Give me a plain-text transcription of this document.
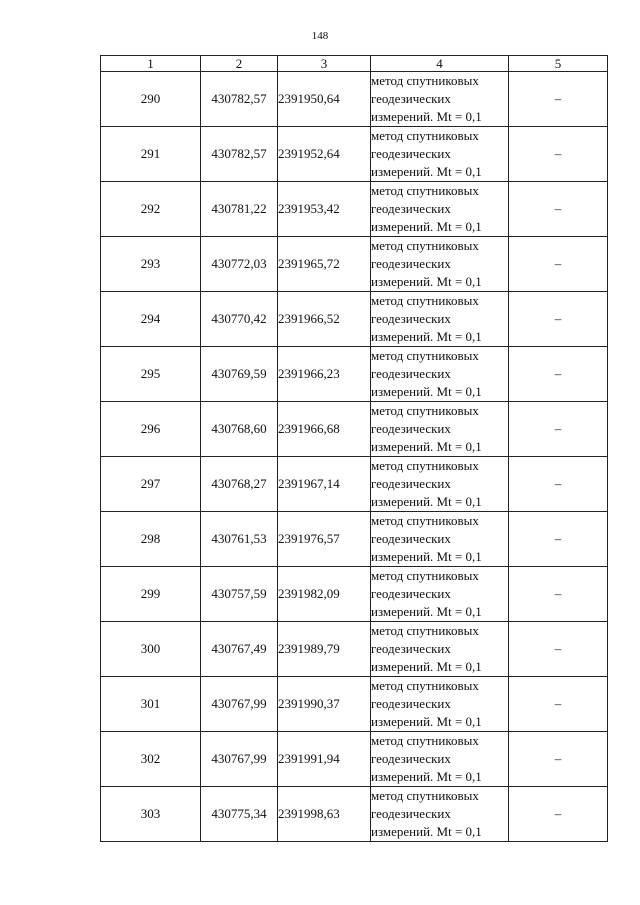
148
1	2	3	4	5
290	430782,57	2391950,64	метод спутниковых
геодезических
измерений. Mt = 0,1	–
291	430782,57	2391952,64	метод спутниковых
геодезических
измерений. Mt = 0,1	–
292	430781,22	2391953,42	метод спутниковых
геодезических
измерений. Mt = 0,1	–
293	430772,03	2391965,72	метод спутниковых
геодезических
измерений. Mt = 0,1	–
294	430770,42	2391966,52	метод спутниковых
геодезических
измерений. Mt = 0,1	–
295	430769,59	2391966,23	метод спутниковых
геодезических
измерений. Mt = 0,1	–
296	430768,60	2391966,68	метод спутниковых
геодезических
измерений. Mt = 0,1	–
297	430768,27	2391967,14	метод спутниковых
геодезических
измерений. Mt = 0,1	–
298	430761,53	2391976,57	метод спутниковых
геодезических
измерений. Mt = 0,1	–
299	430757,59	2391982,09	метод спутниковых
геодезических
измерений. Mt = 0,1	–
300	430767,49	2391989,79	метод спутниковых
геодезических
измерений. Mt = 0,1	–
301	430767,99	2391990,37	метод спутниковых
геодезических
измерений. Mt = 0,1	–
302	430767,99	2391991,94	метод спутниковых
геодезических
измерений. Mt = 0,1	–
303	430775,34	2391998,63	метод спутниковых
геодезических
измерений. Mt = 0,1	–
